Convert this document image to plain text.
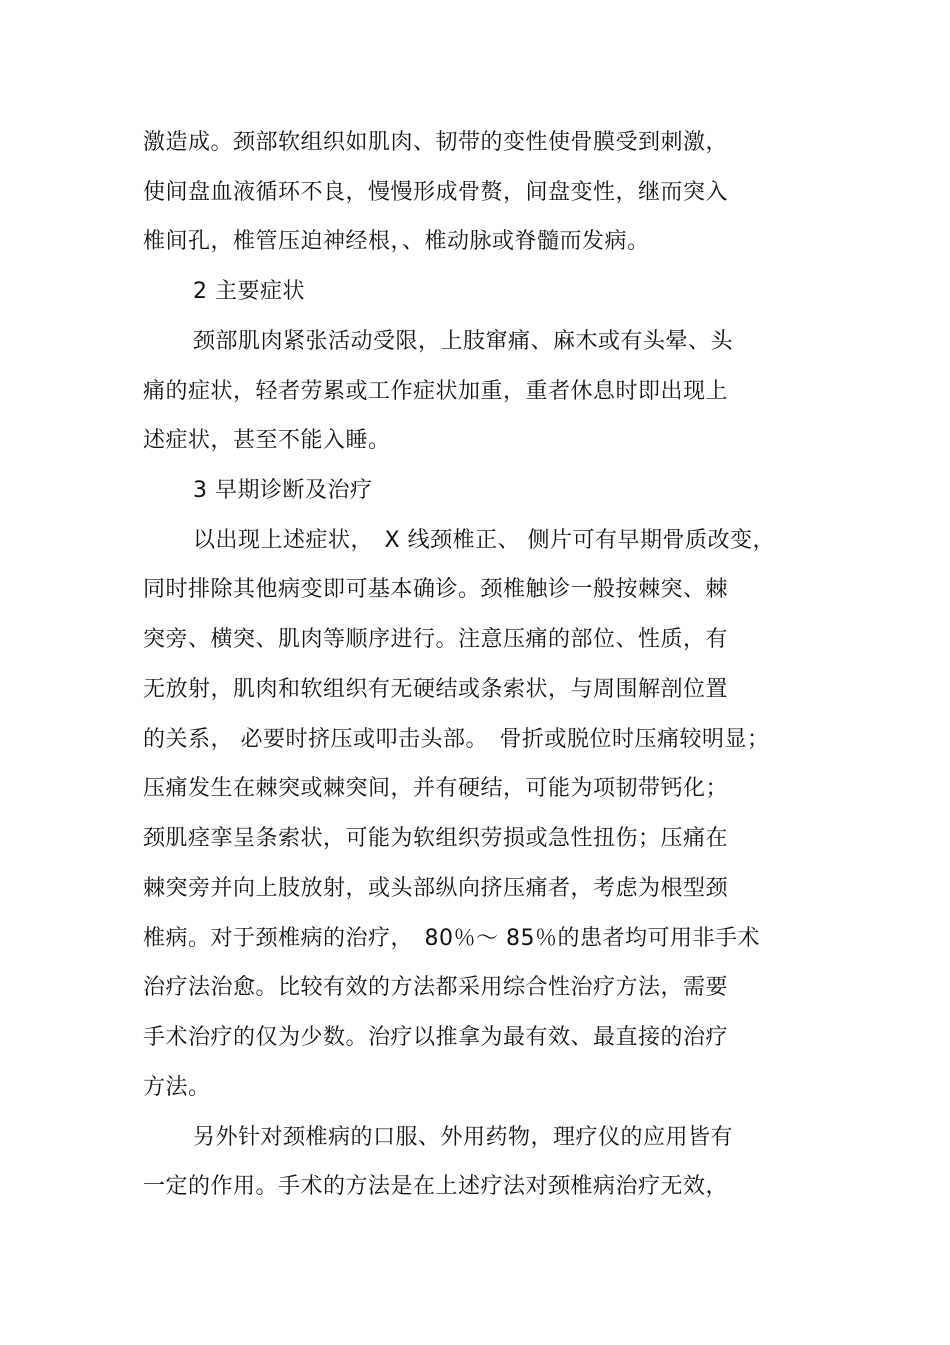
激造成。颈部软组织如肌肉、韧带的变性使骨膜受到刺激，
使间盘血液循环不良，慢慢形成骨赘，间盘变性，继而突入
椎间孔，椎管压迫神经根，、椎动脉或脊髓而发病。
2 主要症状
颈部肌肉紧张活动受限，上肢窜痛、麻木或有头晕、头
痛的症状，轻者劳累或工作症状加重，重者休息时即出现上
述症状，甚至不能入睡。
3 早期诊断及治疗
以出现上述症状，　X 线颈椎正、 侧片可有早期骨质改变，
同时排除其他病变即可基本确诊。颈椎触诊一般按棘突、棘
突旁、横突、肌肉等顺序进行。注意压痛的部位、性质，有
无放射，肌肉和软组织有无硬结或条索状，与周围解剖位置
的关系， 必要时挤压或叩击头部。　骨折或脱位时压痛较明显；
压痛发生在棘突或棘突间，并有硬结，可能为项韧带钙化；
颈肌痉挛呈条索状，可能为软组织劳损或急性扭伤；压痛在
棘突旁并向上肢放射，或头部纵向挤压痛者，考虑为根型颈
椎病。对于颈椎病的治疗，　80％～ 85％的患者均可用非手术
治疗法治愈。比较有效的方法都采用综合性治疗方法，需要
手术治疗的仅为少数。治疗以推拿为最有效、最直接的治疗
方法。
另外针对颈椎病的口服、外用药物，理疗仪的应用皆有
一定的作用。手术的方法是在上述疗法对颈椎病治疗无效，
